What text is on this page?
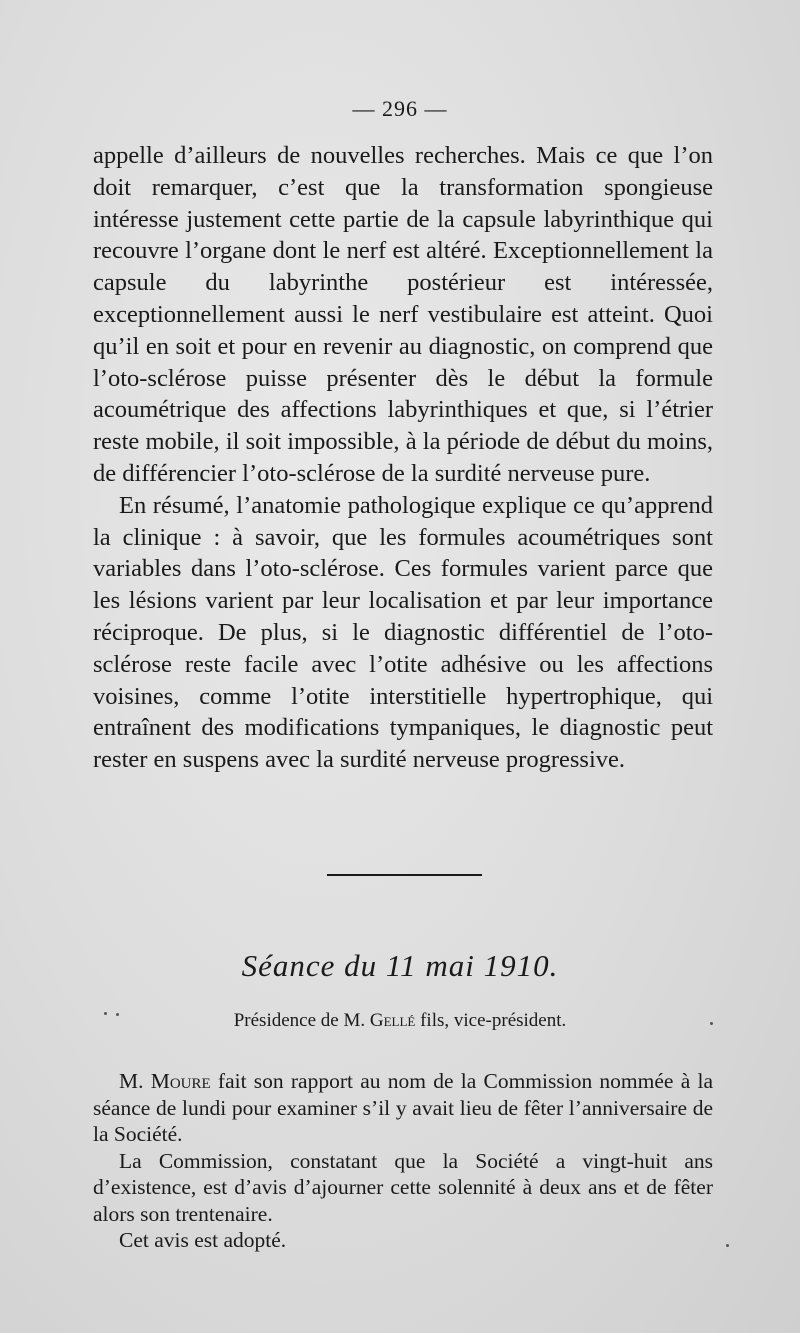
— 296 —

appelle d’ailleurs de nouvelles recherches. Mais ce que l’on doit remarquer, c’est que la transformation spongieuse intéresse justement cette partie de la capsule labyrinthique qui recouvre l’organe dont le nerf est altéré. Exceptionnellement la capsule du labyrinthe postérieur est intéressée, exceptionnellement aussi le nerf vestibulaire est atteint. Quoi qu’il en soit et pour en revenir au diagnostic, on comprend que l’oto-sclérose puisse présenter dès le début la formule acoumétrique des affections labyrinthiques et que, si l’étrier reste mobile, il soit impossible, à la période de début du moins, de différencier l’oto-sclérose de la surdité nerveuse pure.

En résumé, l’anatomie pathologique explique ce qu’apprend la clinique : à savoir, que les formules acoumétriques sont variables dans l’oto-sclérose. Ces formules varient parce que les lésions varient par leur localisation et par leur importance réciproque. De plus, si le diagnostic différentiel de l’oto-sclérose reste facile avec l’otite adhésive ou les affections voisines, comme l’otite interstitielle hypertrophique, qui entraînent des modifications tympaniques, le diagnostic peut rester en suspens avec la surdité nerveuse progressive.

Séance du 11 mai 1910.
Présidence de M. Gellé fils, vice-président.

M. Moure fait son rapport au nom de la Commission nommée à la séance de lundi pour examiner s’il y avait lieu de fêter l’anniversaire de la Société.

La Commission, constatant que la Société a vingt-huit ans d’existence, est d’avis d’ajourner cette solennité à deux ans et de fêter alors son trentenaire.

Cet avis est adopté.
